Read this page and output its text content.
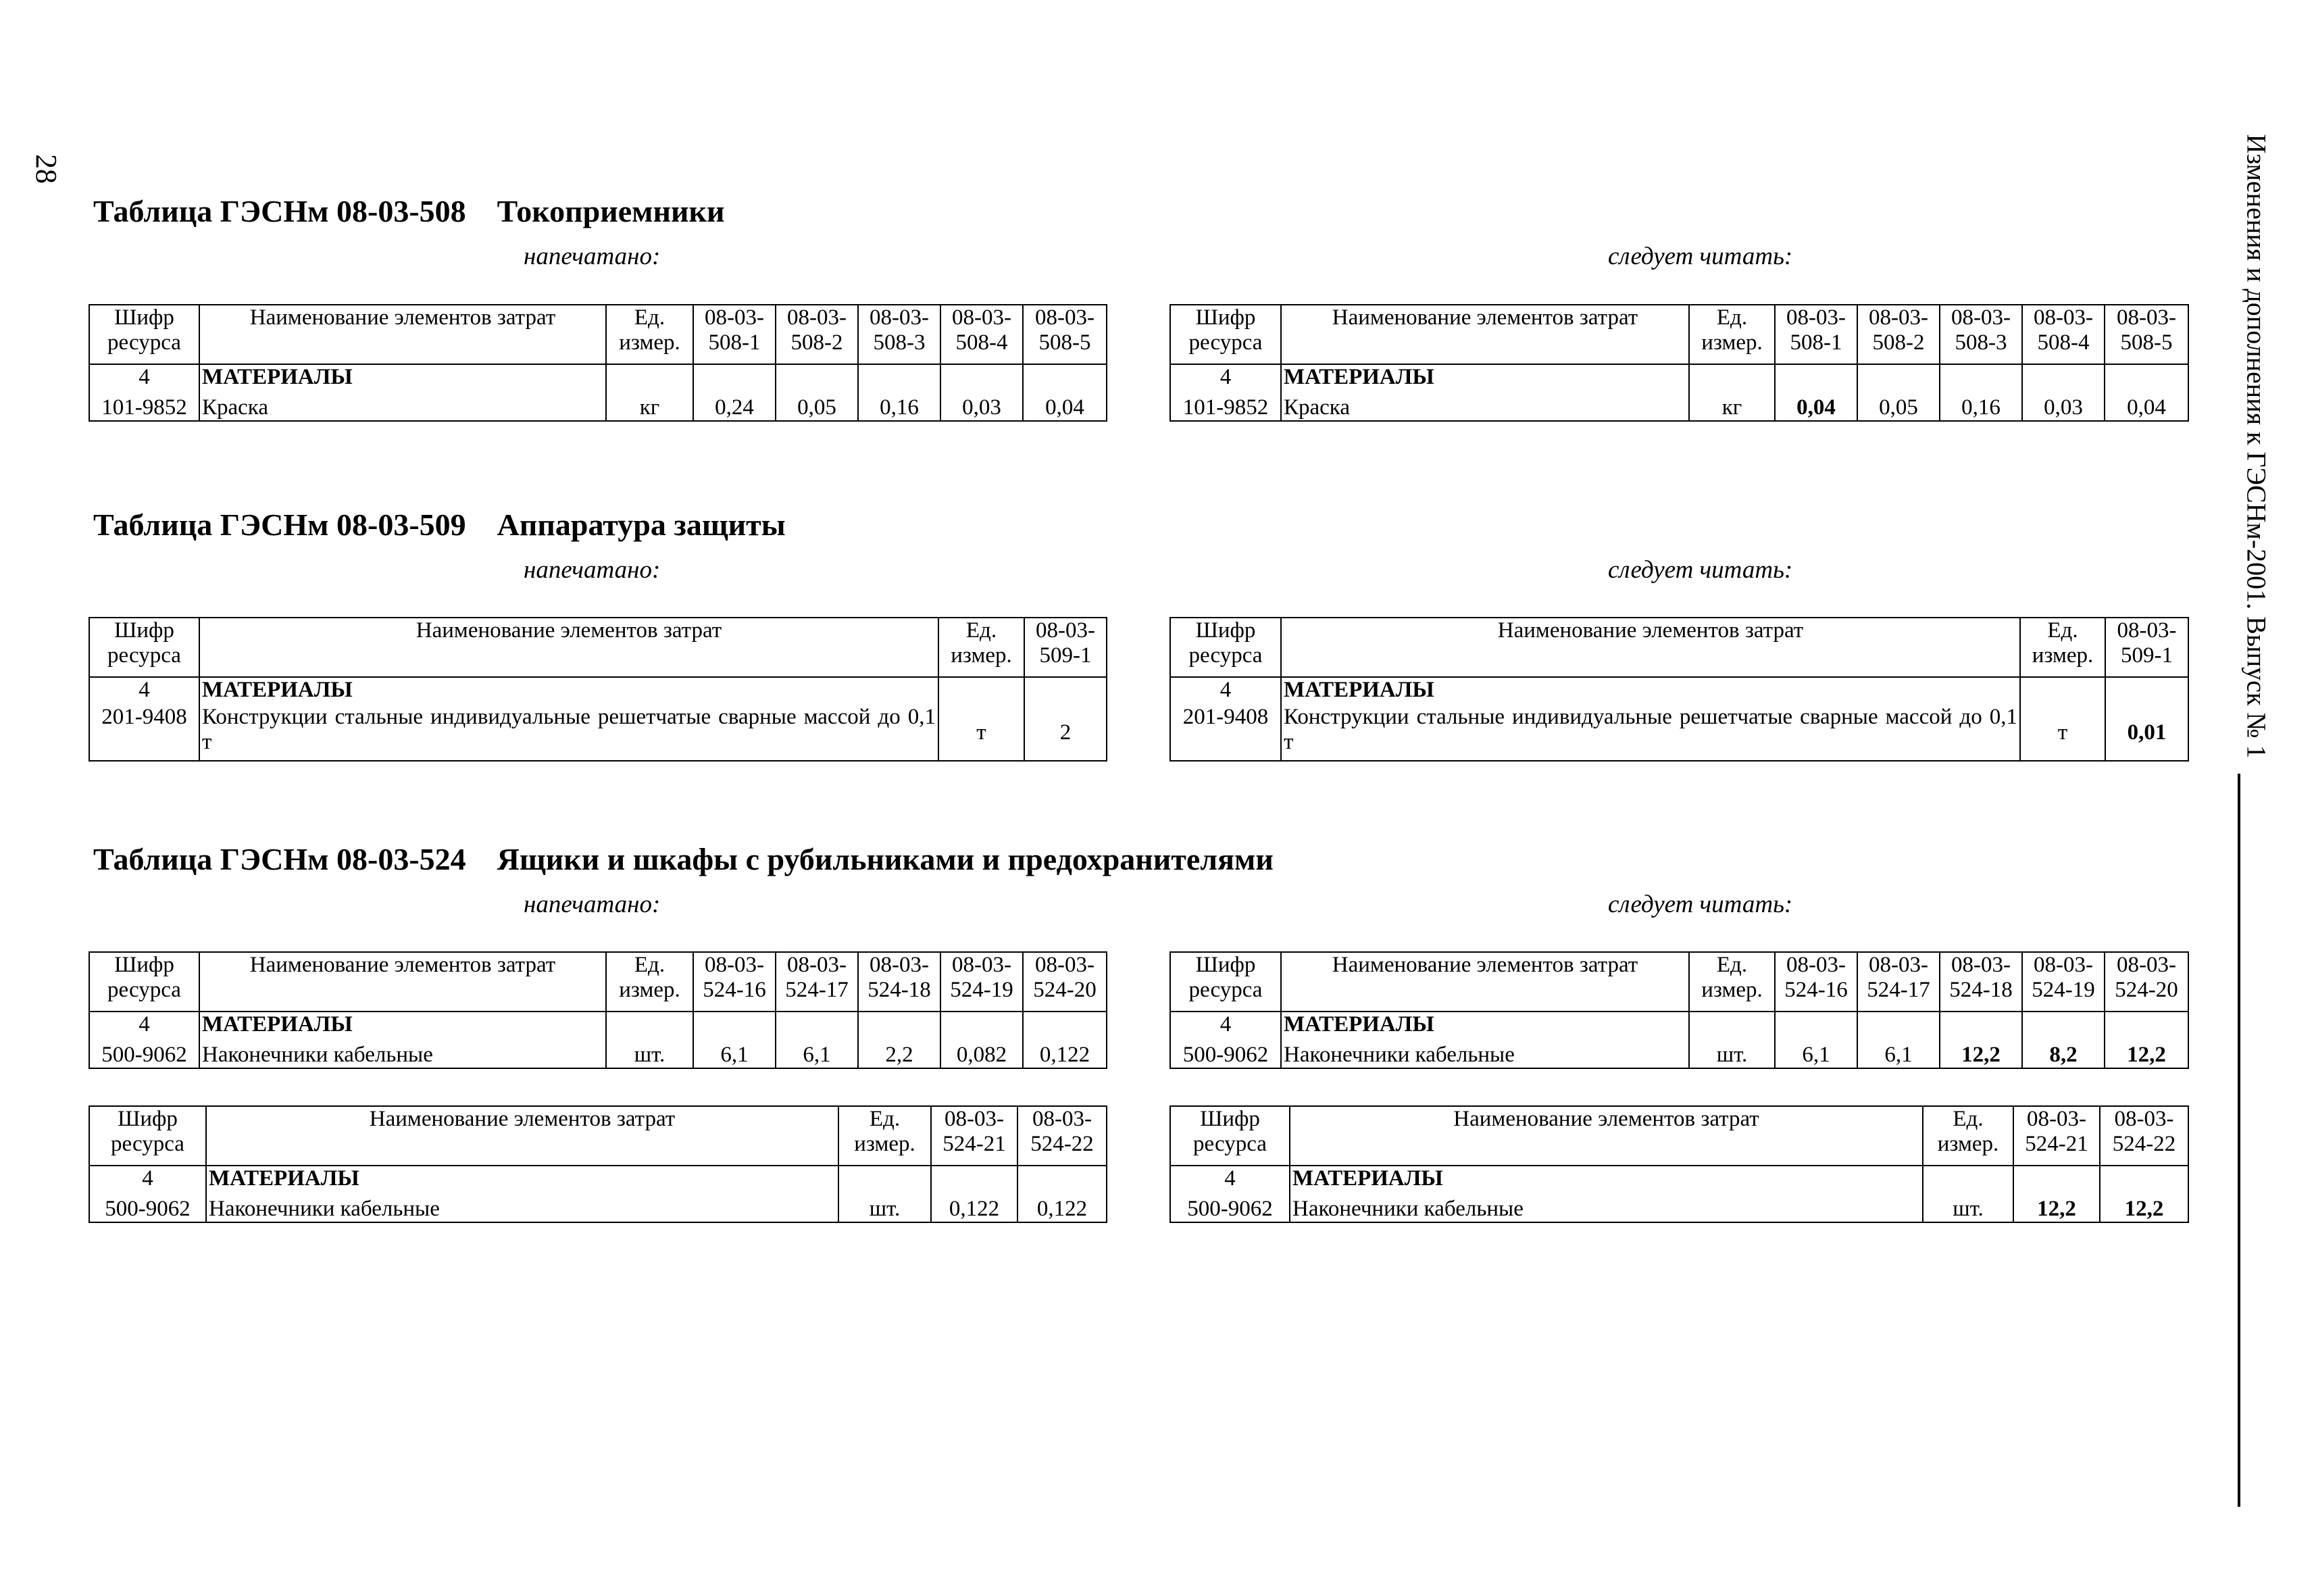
28	Изменения и дополнения к ГЭСНм-2001. Выпуск № 1
Таблица ГЭСНм 08-03-508 Токоприемники
напечатано:	следует читать:
Шифр ресурса	Наименование элементов затрат	Ед. измер.	08-03-508-1	08-03-508-2	08-03-508-3	08-03-508-4	08-03-508-5
4	МАТЕРИАЛЫ						
101-9852	Краска	кг	0,24	0,05	0,16	0,03	0,04
Шифр ресурса	Наименование элементов затрат	Ед. измер.	08-03-508-1	08-03-508-2	08-03-508-3	08-03-508-4	08-03-508-5
4	МАТЕРИАЛЫ						
101-9852	Краска	кг	0,04	0,05	0,16	0,03	0,04
Таблица ГЭСНм 08-03-509 Аппаратура защиты
напечатано:	следует читать:
Шифр ресурса	Наименование элементов затрат	Ед. измер.	08-03-509-1
4	МАТЕРИАЛЫ		
201-9408	Конструкции стальные индивидуальные решетчатые сварные массой до 0,1 т	т	2
Шифр ресурса	Наименование элементов затрат	Ед. измер.	08-03-509-1
4	МАТЕРИАЛЫ		
201-9408	Конструкции стальные индивидуальные решетчатые сварные массой до 0,1 т	т	0,01
Таблица ГЭСНм 08-03-524 Ящики и шкафы с рубильниками и предохранителями
напечатано:	следует читать:
Шифр ресурса	Наименование элементов затрат	Ед. измер.	08-03-524-16	08-03-524-17	08-03-524-18	08-03-524-19	08-03-524-20
4	МАТЕРИАЛЫ						
500-9062	Наконечники кабельные	шт.	6,1	6,1	2,2	0,082	0,122
Шифр ресурса	Наименование элементов затрат	Ед. измер.	08-03-524-16	08-03-524-17	08-03-524-18	08-03-524-19	08-03-524-20
4	МАТЕРИАЛЫ						
500-9062	Наконечники кабельные	шт.	6,1	6,1	12,2	8,2	12,2
Шифр ресурса	Наименование элементов затрат	Ед. измер.	08-03-524-21	08-03-524-22
4	МАТЕРИАЛЫ			
500-9062	Наконечники кабельные	шт.	0,122	0,122
Шифр ресурса	Наименование элементов затрат	Ед. измер.	08-03-524-21	08-03-524-22
4	МАТЕРИАЛЫ			
500-9062	Наконечники кабельные	шт.	12,2	12,2
